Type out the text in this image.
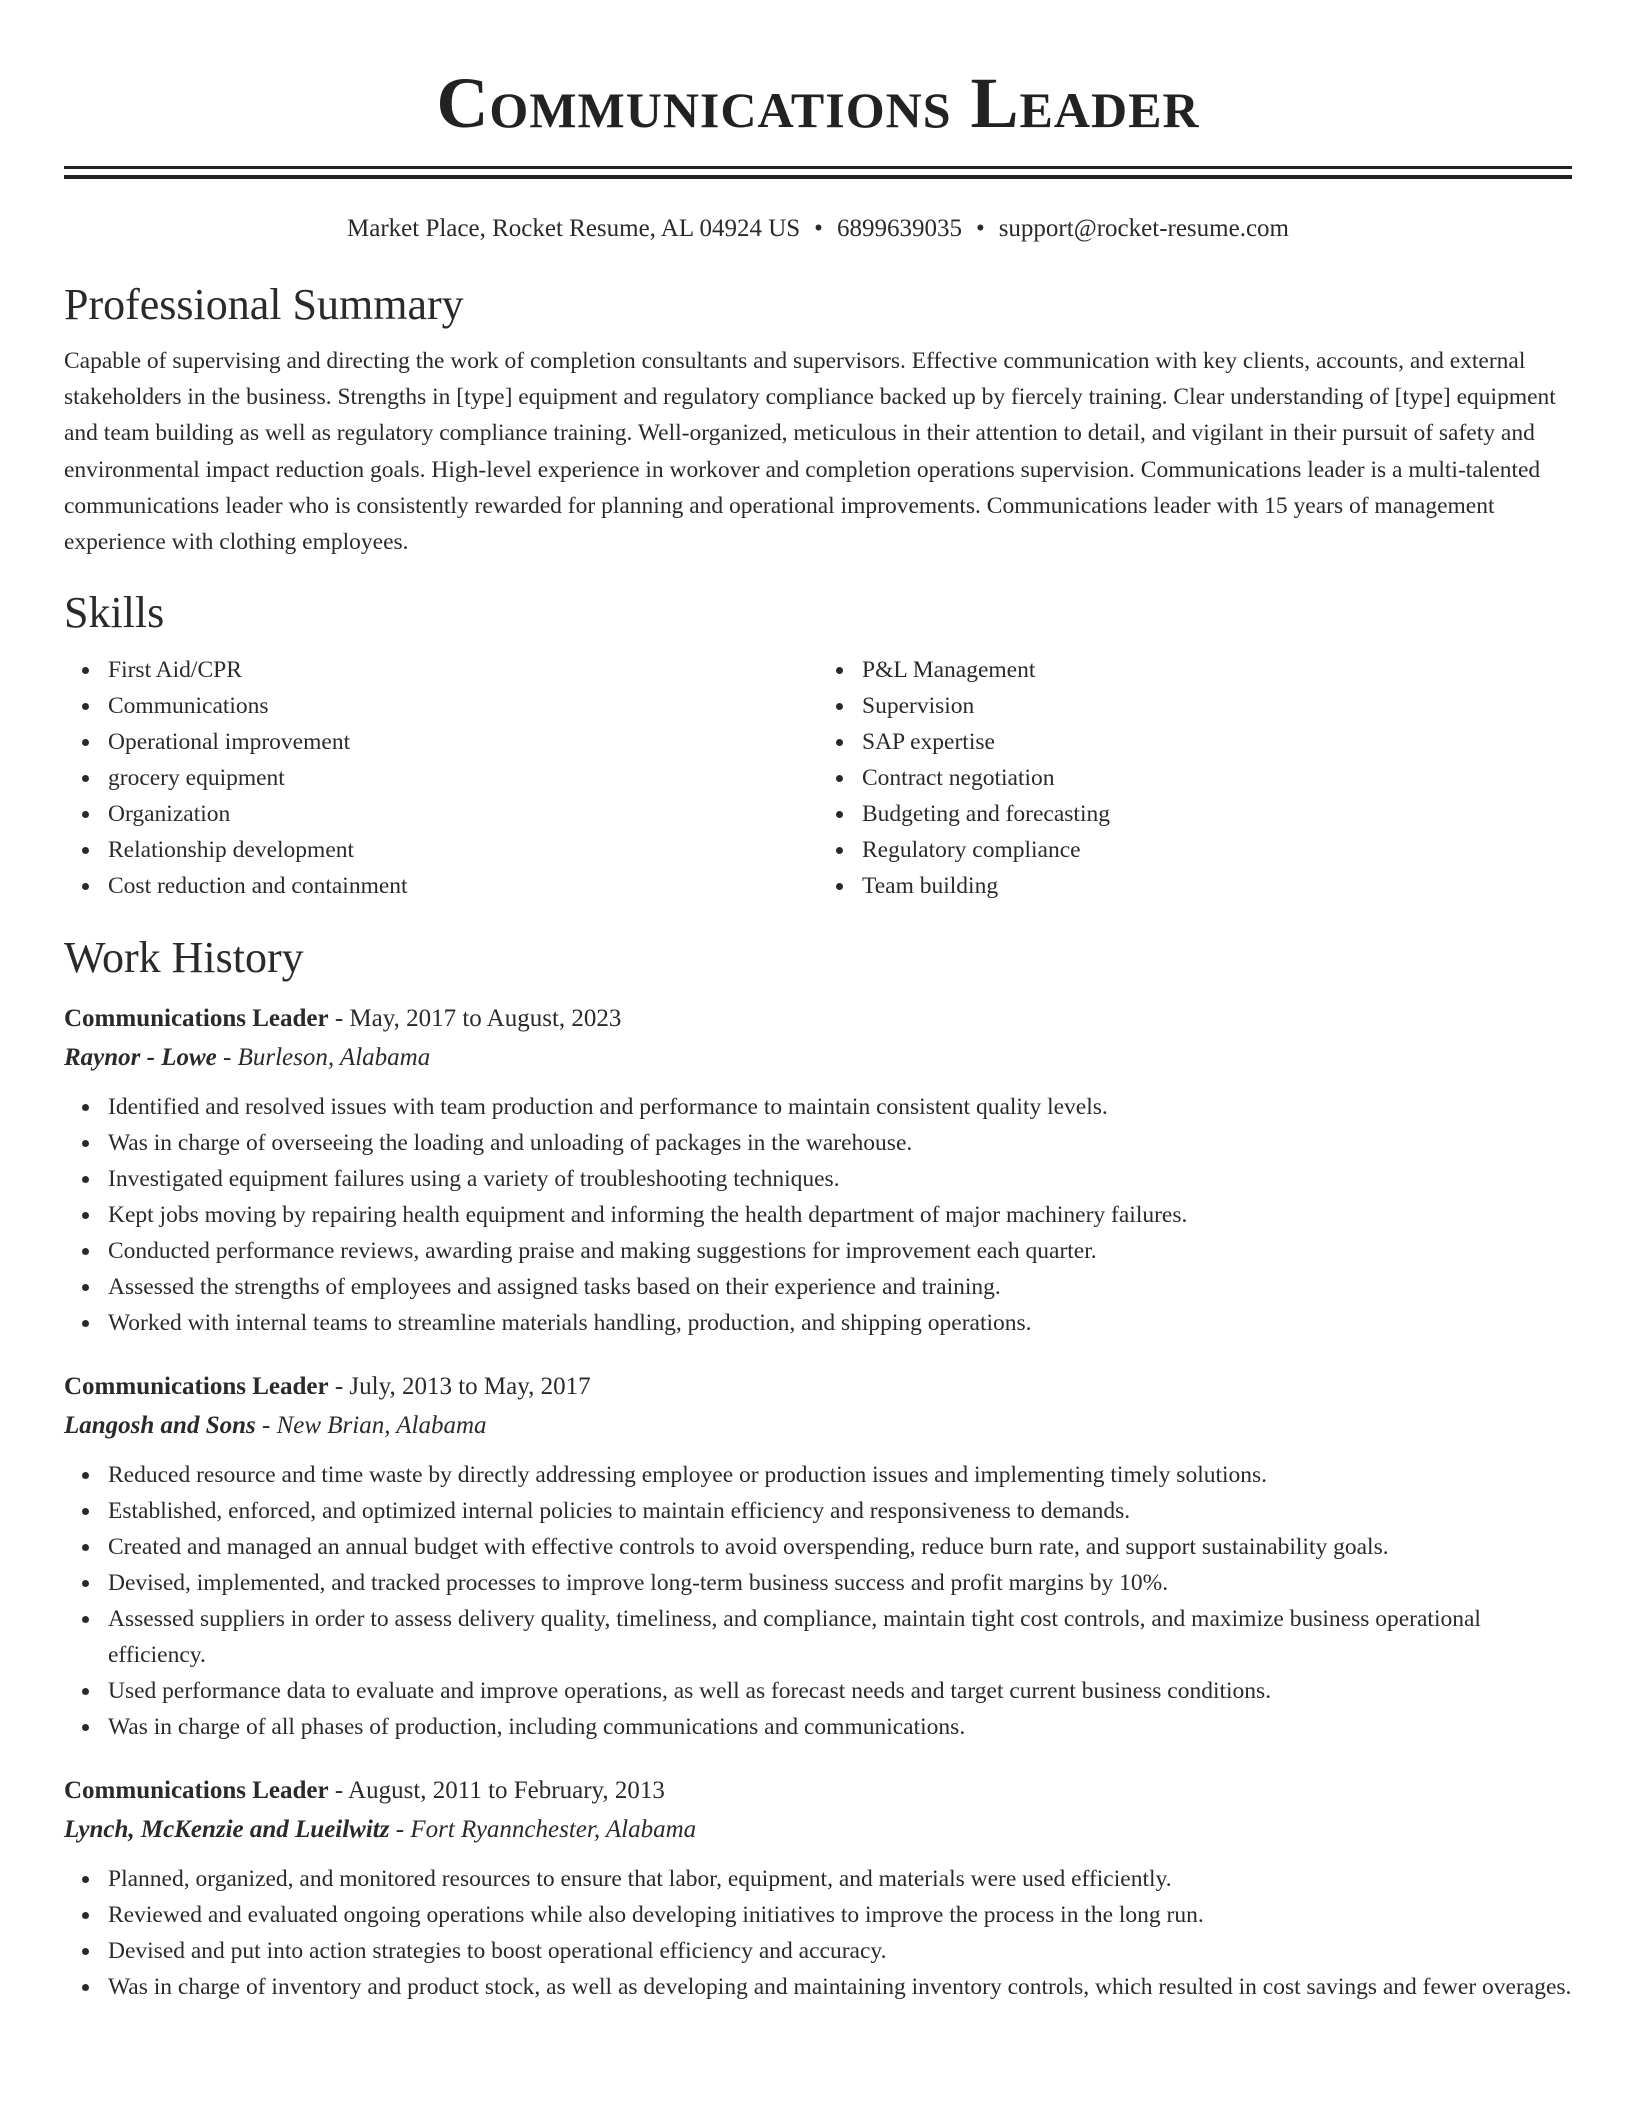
Communications Leader
Market Place, Rocket Resume, AL 04924 US • 6899639035 • support@rocket-resume.com
Professional Summary
Capable of supervising and directing the work of completion consultants and supervisors. Effective communication with key clients, accounts, and external stakeholders in the business. Strengths in [type] equipment and regulatory compliance backed up by fiercely training. Clear understanding of [type] equipment and team building as well as regulatory compliance training. Well-organized, meticulous in their attention to detail, and vigilant in their pursuit of safety and environmental impact reduction goals. High-level experience in workover and completion operations supervision. Communications leader is a multi-talented communications leader who is consistently rewarded for planning and operational improvements. Communications leader with 15 years of management experience with clothing employees.
Skills
First Aid/CPR
Communications
Operational improvement
grocery equipment
Organization
Relationship development
Cost reduction and containment
P&L Management
Supervision
SAP expertise
Contract negotiation
Budgeting and forecasting
Regulatory compliance
Team building
Work History
Communications Leader - May, 2017 to August, 2023
Raynor - Lowe - Burleson, Alabama
Identified and resolved issues with team production and performance to maintain consistent quality levels.
Was in charge of overseeing the loading and unloading of packages in the warehouse.
Investigated equipment failures using a variety of troubleshooting techniques.
Kept jobs moving by repairing health equipment and informing the health department of major machinery failures.
Conducted performance reviews, awarding praise and making suggestions for improvement each quarter.
Assessed the strengths of employees and assigned tasks based on their experience and training.
Worked with internal teams to streamline materials handling, production, and shipping operations.
Communications Leader - July, 2013 to May, 2017
Langosh and Sons - New Brian, Alabama
Reduced resource and time waste by directly addressing employee or production issues and implementing timely solutions.
Established, enforced, and optimized internal policies to maintain efficiency and responsiveness to demands.
Created and managed an annual budget with effective controls to avoid overspending, reduce burn rate, and support sustainability goals.
Devised, implemented, and tracked processes to improve long-term business success and profit margins by 10%.
Assessed suppliers in order to assess delivery quality, timeliness, and compliance, maintain tight cost controls, and maximize business operational efficiency.
Used performance data to evaluate and improve operations, as well as forecast needs and target current business conditions.
Was in charge of all phases of production, including communications and communications.
Communications Leader - August, 2011 to February, 2013
Lynch, McKenzie and Lueilwitz - Fort Ryannchester, Alabama
Planned, organized, and monitored resources to ensure that labor, equipment, and materials were used efficiently.
Reviewed and evaluated ongoing operations while also developing initiatives to improve the process in the long run.
Devised and put into action strategies to boost operational efficiency and accuracy.
Was in charge of inventory and product stock, as well as developing and maintaining inventory controls, which resulted in cost savings and fewer overages.
